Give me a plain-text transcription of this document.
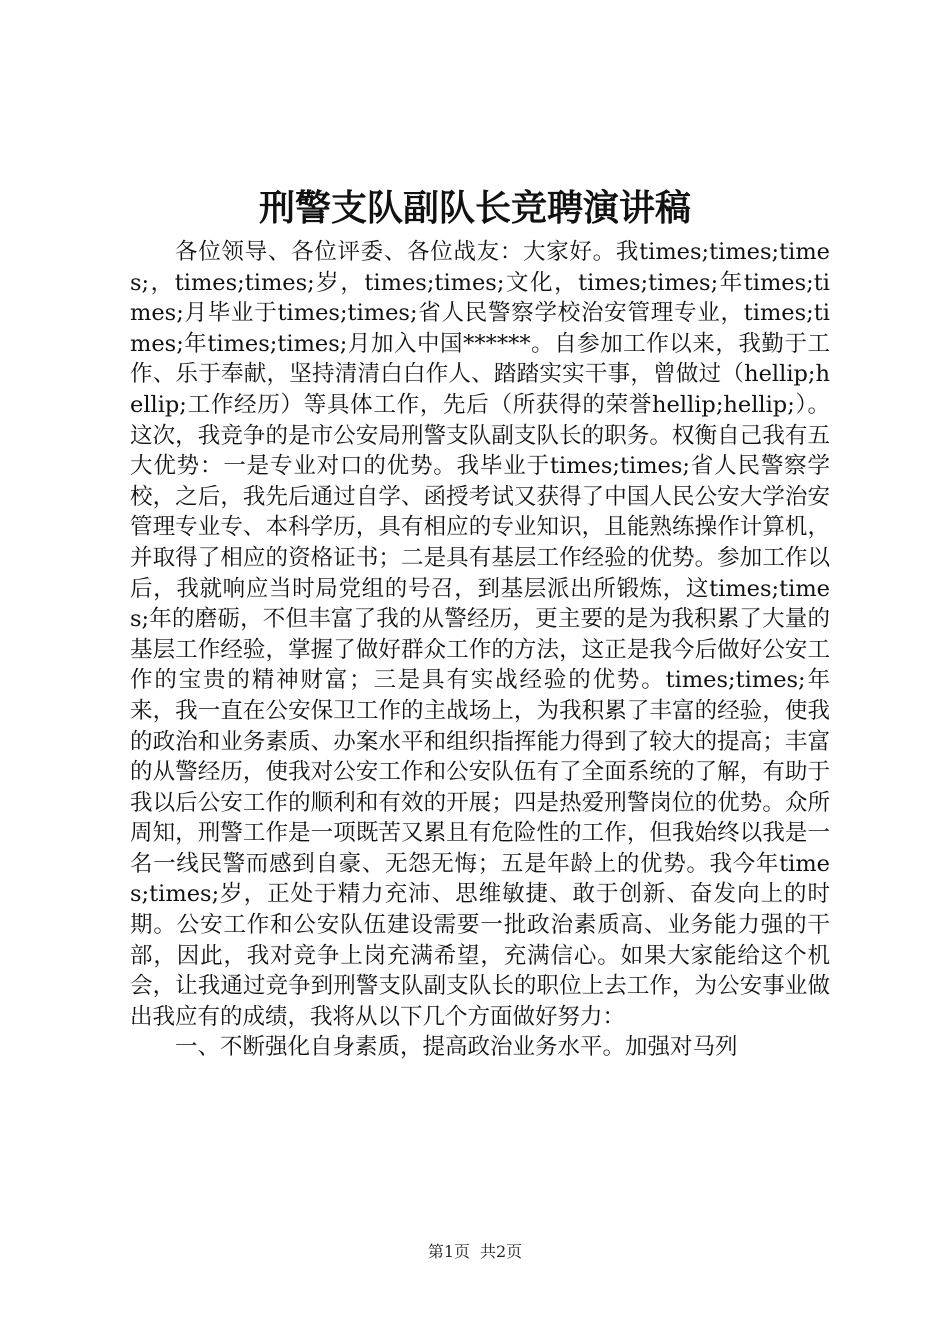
刑警支队副队长竞聘演讲稿

各位领导、各位评委、各位战友：大家好。我times;times;times;，times;times;岁，times;times;文化，times;times;年times;times;月毕业于times;times;省人民警察学校治安管理专业，times;times;年times;times;月加入中国******。自参加工作以来，我勤于工作、乐于奉献，坚持清清白白作人、踏踏实实干事，曾做过（hellip;hellip;工作经历）等具体工作，先后（所获得的荣誉hellip;hellip;）。这次，我竞争的是市公安局刑警支队副支队长的职务。权衡自己我有五大优势：一是专业对口的优势。我毕业于times;times;省人民警察学校，之后，我先后通过自学、函授考试又获得了中国人民公安大学治安管理专业专、本科学历，具有相应的专业知识，且能熟练操作计算机，并取得了相应的资格证书；二是具有基层工作经验的优势。参加工作以后，我就响应当时局党组的号召，到基层派出所锻炼，这times;times;年的磨砺，不但丰富了我的从警经历，更主要的是为我积累了大量的基层工作经验，掌握了做好群众工作的方法，这正是我今后做好公安工作的宝贵的精神财富；三是具有实战经验的优势。times;times;年来，我一直在公安保卫工作的主战场上，为我积累了丰富的经验，使我的政治和业务素质、办案水平和组织指挥能力得到了较大的提高；丰富的从警经历，使我对公安工作和公安队伍有了全面系统的了解，有助于我以后公安工作的顺利和有效的开展；四是热爱刑警岗位的优势。众所周知，刑警工作是一项既苦又累且有危险性的工作，但我始终以我是一名一线民警而感到自豪、无怨无悔；五是年龄上的优势。我今年times;times;岁，正处于精力充沛、思维敏捷、敢于创新、奋发向上的时期。公安工作和公安队伍建设需要一批政治素质高、业务能力强的干部，因此，我对竞争上岗充满希望，充满信心。如果大家能给这个机会，让我通过竞争到刑警支队副支队长的职位上去工作，为公安事业做出我应有的成绩，我将从以下几个方面做好努力：

一、不断强化自身素质，提高政治业务水平。加强对马列

第1页 共2页
